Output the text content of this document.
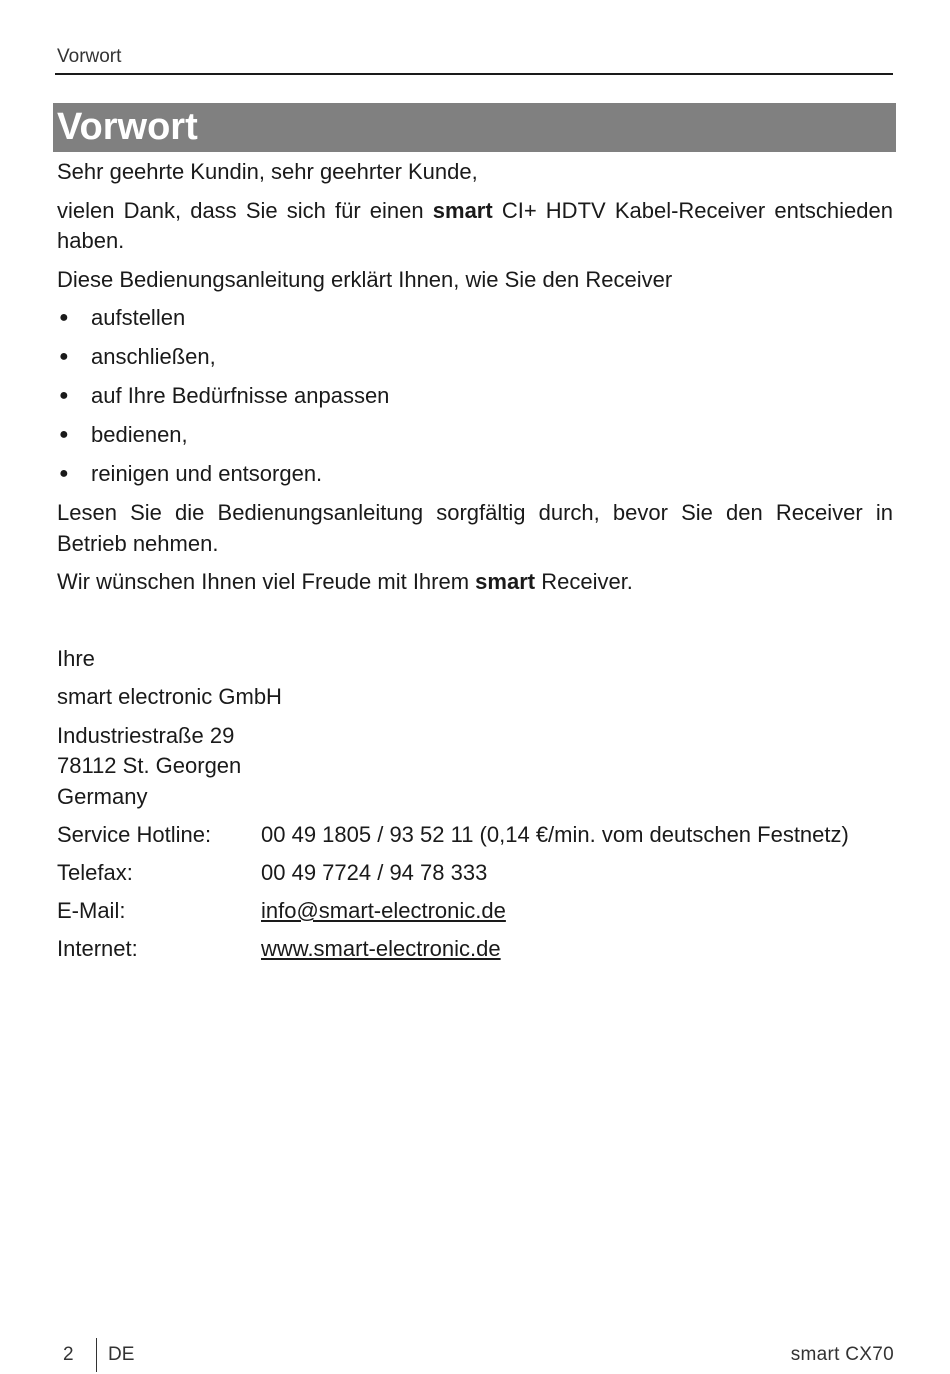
Vorwort
Vorwort

Sehr geehrte Kundin, sehr geehrter Kunde,

vielen Dank, dass Sie sich für einen smart CI+ HDTV Kabel-Receiver entschieden haben.

Diese Bedienungsanleitung erklärt Ihnen, wie Sie den Receiver

● aufstellen
● anschließen,
● auf Ihre Bedürfnisse anpassen
● bedienen,
● reinigen und entsorgen.

Lesen Sie die Bedienungsanleitung sorgfältig durch, bevor Sie den Receiver in Betrieb nehmen.

Wir wünschen Ihnen viel Freude mit Ihrem smart Receiver.

Ihre

smart electronic GmbH

Industriestraße 29
78112 St. Georgen
Germany
Service Hotline:	00 49 1805 / 93 52 11 (0,14 €/min. vom deutschen Festnetz)
Telefax:	00 49 7724 / 94 78 333
E-Mail:	info@smart-electronic.de
Internet:	www.smart-electronic.de
2 DE	smart CX70
